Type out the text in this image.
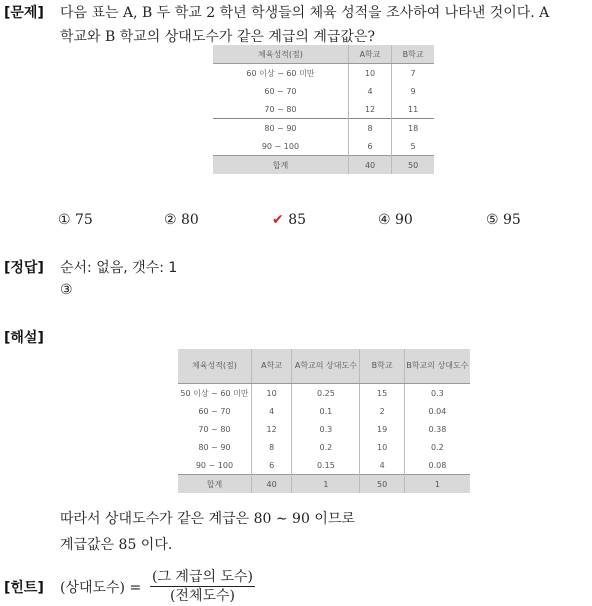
[문제] 다음 표는 A, B 두 학교 2 학년 학생들의 체육 성적을 조사하여 나타낸 것이다. A
학교와 B 학교의 상대도수가 같은 계급의 계급값은?
체육성적(점)	A학교	B학교
60 이상 ~ 60 미만	10	7
60 ~ 70	4	9
70 ~ 80	12	11
80 ~ 90	8	18
90 ~ 100	6	5
합계	40	50
① 75	② 80	✔ 85	④ 90	⑤ 95
[정답] 순서: 없음, 갯수: 1
③
[해설]
체육성적(점)	A학교	A학교의 상대도수	B학교	B학교의 상대도수
50 이상 ~ 60 미만	10	0.25	15	0.3
60 ~ 70	4	0.1	2	0.04
70 ~ 80	12	0.3	19	0.38
80 ~ 90	8	0.2	10	0.2
90 ~ 100	6	0.15	4	0.08
합계	40	1	50	1
따라서 상대도수가 같은 계급은 80 ∼ 90 이므로
계급값은 85 이다.
[힌트] (상대도수) =
(그 계급의 도수)
(전체도수)
